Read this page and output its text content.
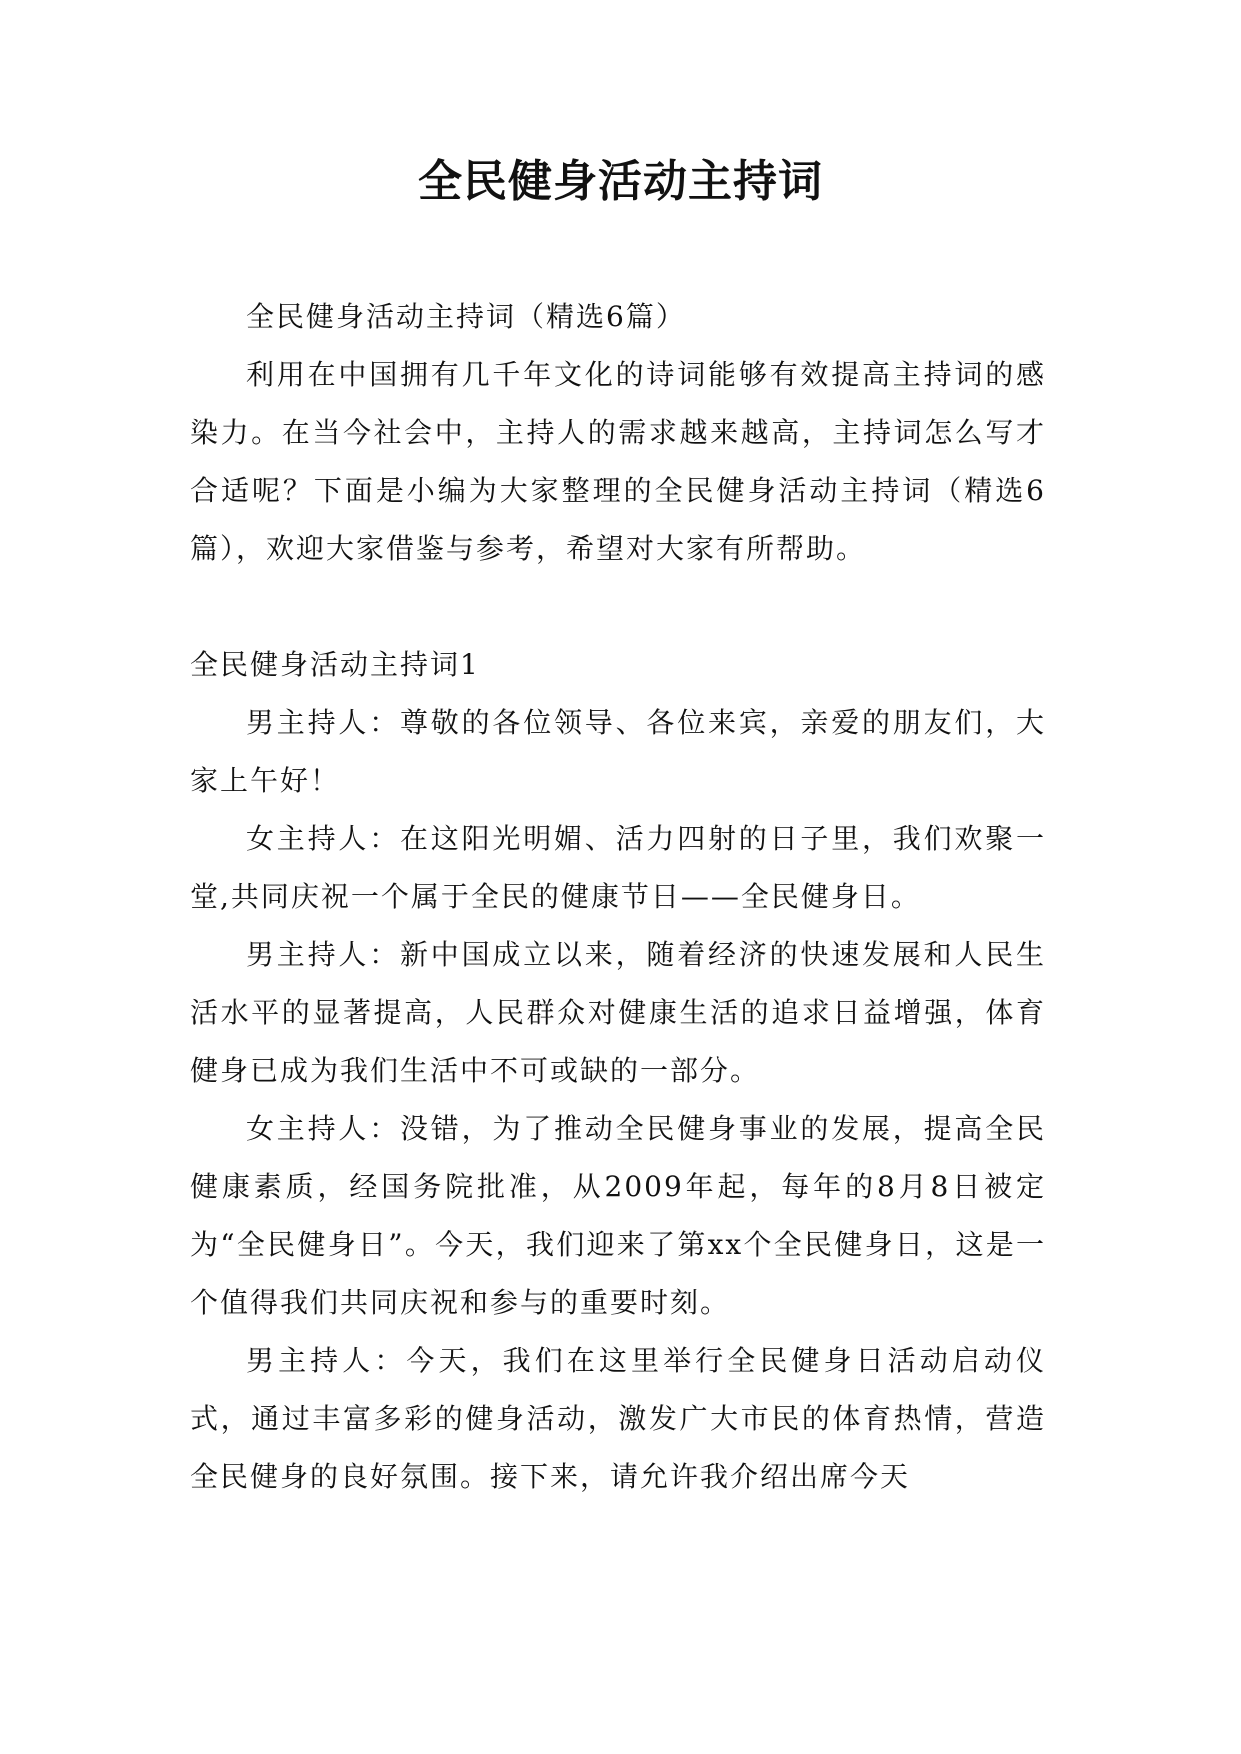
全民健身活动主持词

全民健身活动主持词（精选6篇）

利用在中国拥有几千年文化的诗词能够有效提高主持词的感染力。在当今社会中，主持人的需求越来越高，主持词怎么写才合适呢？下面是小编为大家整理的全民健身活动主持词（精选6篇），欢迎大家借鉴与参考，希望对大家有所帮助。

全民健身活动主持词1

男主持人：尊敬的各位领导、各位来宾，亲爱的朋友们，大家上午好！

女主持人：在这阳光明媚、活力四射的日子里，我们欢聚一堂,共同庆祝一个属于全民的健康节日——全民健身日。

男主持人：新中国成立以来，随着经济的快速发展和人民生活水平的显著提高，人民群众对健康生活的追求日益增强，体育健身已成为我们生活中不可或缺的一部分。

女主持人：没错，为了推动全民健身事业的发展，提高全民健康素质，经国务院批准，从2009年起，每年的8月8日被定为“全民健身日”。今天，我们迎来了第xx个全民健身日，这是一个值得我们共同庆祝和参与的重要时刻。

男主持人：今天，我们在这里举行全民健身日活动启动仪式，通过丰富多彩的健身活动，激发广大市民的体育热情，营造全民健身的良好氛围。接下来，请允许我介绍出席今天
